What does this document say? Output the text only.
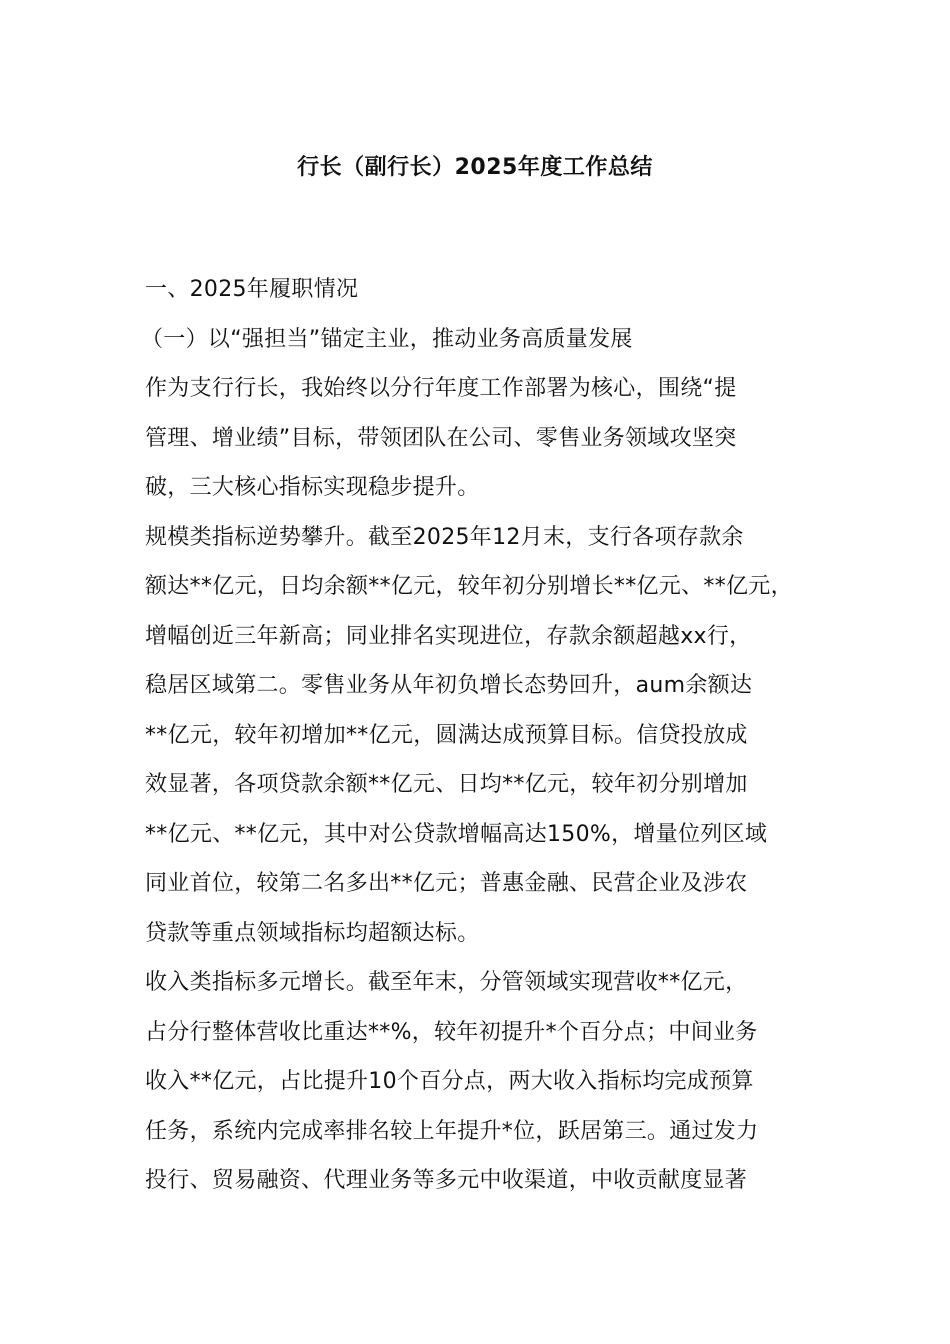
行长（副行长）2025年度工作总结
一、2025年履职情况
（一）以“强担当”锚定主业，推动业务高质量发展
作为支行行长，我始终以分行年度工作部署为核心，围绕“提
管理、增业绩”目标，带领团队在公司、零售业务领域攻坚突
破，三大核心指标实现稳步提升。
规模类指标逆势攀升。截至2025年12月末，支行各项存款余
额达**亿元，日均余额**亿元，较年初分别增长**亿元、**亿元，
增幅创近三年新高；同业排名实现进位，存款余额超越xx行，
稳居区域第二。零售业务从年初负增长态势回升，aum余额达
**亿元，较年初增加**亿元，圆满达成预算目标。信贷投放成
效显著，各项贷款余额**亿元、日均**亿元，较年初分别增加
**亿元、**亿元，其中对公贷款增幅高达150%，增量位列区域
同业首位，较第二名多出**亿元；普惠金融、民营企业及涉农
贷款等重点领域指标均超额达标。
收入类指标多元增长。截至年末，分管领域实现营收**亿元，
占分行整体营收比重达**%，较年初提升*个百分点；中间业务
收入**亿元，占比提升10个百分点，两大收入指标均完成预算
任务，系统内完成率排名较上年提升*位，跃居第三。通过发力
投行、贸易融资、代理业务等多元中收渠道，中收贡献度显著
